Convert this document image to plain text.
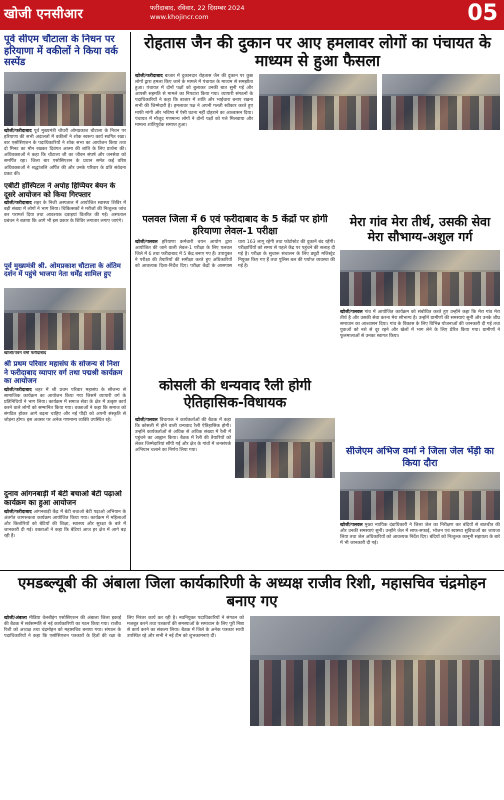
खोजी एनसीआर	फरीदाबाद, रविवार, 22 दिसम्बर 2024
www.khojincr.com	05
पूर्व सीएम चौटाला के निधन पर हरियाणा में वकीलों ने किया वर्क सस्पेंड
खोजी/फरीदाबाद पूर्व मुख्यमंत्री चौधरी ओमप्रकाश चौटाला के निधन पर हरियाणा की सभी अदालतों में वकीलों ने शोक स्वरूप कार्य स्थगित रखा। बार एसोसिएशन के पदाधिकारियों ने शोक सभा का आयोजन किया तथा दो मिनट का मौन रखकर दिवंगत आत्मा की शांति के लिए प्रार्थना की। अधिवक्ताओं ने कहा कि चौटाला जी का जीवन संघर्ष और जनसेवा को समर्पित रहा। जिला बार एसोसिएशन के प्रधान समेत कई वरिष्ठ अधिवक्ताओं ने श्रद्धांजलि अर्पित की और उनके परिवार के प्रति संवेदना प्रकट की।
एबीटी हॉस्पिटल ने अपोह हिप्पियर बेयन के दूसरे आयोजन को किया गिरफ्तार
खोजी/फरीदाबाद शहर के निजी अस्पताल में आयोजित स्वास्थ्य शिविर में बड़ी संख्या में लोगों ने भाग लिया। चिकित्सकों ने मरीजों की निःशुल्क जांच कर परामर्श दिया तथा आवश्यक दवाइयां वितरित की गईं। अस्पताल प्रबंधन ने बताया कि आगे भी इस प्रकार के शिविर लगातार लगाए जाएंगे।
पूर्व मुख्यमंत्री श्री. ओमप्रकाश चौटाला के अंतिम दर्शन में पहुंचे भाजपा नेता धर्मेंद्र शामिल हुए
खोजी/पवन वर्मा फरीदाबाद
श्री प्रथम परिवार महासंघ के सोजन्य से निशा ने फरीदाबाद व्यापार वर्ग तथा पद्मश्री कार्यक्रम का आयोजन
खोजी/फरीदाबाद शहर में श्री प्रथम परिवार महासंघ के सौजन्य से सामाजिक कार्यक्रम का आयोजन किया गया जिसमें व्यापारी वर्ग के प्रतिनिधियों ने भाग लिया। कार्यक्रम में समाज सेवा के क्षेत्र में उत्कृष्ट कार्य करने वाले लोगों को सम्मानित किया गया। वक्ताओं ने कहा कि समाज को संगठित होकर आगे बढ़ना चाहिए और नई पीढ़ी को अपनी संस्कृति से जोड़ना होगा। इस अवसर पर अनेक गणमान्य व्यक्ति उपस्थित रहे।
दुनाव आंगनबाड़ी में बेटी बचाओ बेटी पढ़ाओ कार्यक्रम का हुआ आयोजन
खोजी/फरीदाबाद आंगनबाड़ी केंद्र में बेटी बचाओ बेटी पढ़ाओ अभियान के अंतर्गत जागरूकता कार्यक्रम आयोजित किया गया। कार्यक्रम में महिलाओं और किशोरियों को बेटियों की शिक्षा, स्वास्थ्य और सुरक्षा के बारे में जानकारी दी गई। वक्ताओं ने कहा कि बेटियां आज हर क्षेत्र में आगे बढ़ रही हैं।
रोहतास जैन की दुकान पर आए हमलावर लोगों का पंचायत के माध्यम से हुआ फैसला
खोजी/फरीदाबाद बाजार में दुकानदार रोहतास जैन की दुकान पर कुछ लोगों द्वारा हमला किए जाने के मामले में पंचायत के माध्यम से समझौता हुआ। पंचायत में दोनों पक्षों को बुलाकर उनकी बात सुनी गई और आपसी सहमति से मामले का निपटारा किया गया। व्यापारी संगठनों के पदाधिकारियों ने कहा कि बाजार में शांति और भाईचारा बनाए रखना सभी की जिम्मेदारी है। हमलावर पक्ष ने अपनी गलती स्वीकार करते हुए माफी मांगी और भविष्य में ऐसी घटना नहीं दोहराने का आश्वासन दिया। पंचायत में मौजूद गणमान्य लोगों ने दोनों पक्षों को गले मिलवाया और मामला शांतिपूर्वक समाप्त हुआ।
पलवल जिला में 6 एवं फरीदाबाद के 5 केंद्रों पर होगी हरियाणा लेवल-1 परीक्षा
खोजी/पलवल हरियाणा कर्मचारी चयन आयोग द्वारा आयोजित की जाने वाली लेवल-1 परीक्षा के लिए पलवल जिले में 6 तथा फरीदाबाद में 5 केंद्र बनाए गए हैं। उपायुक्त ने परीक्षा की तैयारियों की समीक्षा करते हुए अधिकारियों को आवश्यक दिशा-निर्देश दिए। परीक्षा केंद्रों के आसपास धारा 163 लागू रहेगी तथा फोटोस्टेट की दुकानें बंद रहेंगी। परीक्षार्थियों को समय से पहले केंद्र पर पहुंचने की सलाह दी गई है। परीक्षा के सुचारू संचालन के लिए ड्यूटी मजिस्ट्रेट नियुक्त किए गए हैं तथा पुलिस बल की पर्याप्त व्यवस्था की गई है।
मेरा गांव मेरा तीर्थ, उसकी सेवा मेरा सौभाग्य-अशुल गर्ग
खोजी/पलवल गांव में आयोजित कार्यक्रम को संबोधित करते हुए उन्होंने कहा कि मेरा गांव मेरा तीर्थ है और उसकी सेवा करना मेरा सौभाग्य है। उन्होंने ग्रामीणों की समस्याएं सुनीं और उनके शीघ्र समाधान का आश्वासन दिया। गांव के विकास के लिए विभिन्न योजनाओं की जानकारी दी गई तथा युवाओं को नशे से दूर रहने और खेलों में भाग लेने के लिए प्रेरित किया गया। ग्रामीणों ने फूलमालाओं से उनका स्वागत किया।
कोसली की धन्यवाद रैली होगी ऐतिहासिक-विधायक
खोजी/पलवल विधायक ने कार्यकर्ताओं की बैठक में कहा कि कोसली में होने वाली धन्यवाद रैली ऐतिहासिक होगी। उन्होंने कार्यकर्ताओं से अधिक से अधिक संख्या में रैली में पहुंचने का आह्वान किया। बैठक में रैली की तैयारियों को लेकर जिम्मेदारियां सौंपी गईं और क्षेत्र के गांवों में जनसंपर्क अभियान चलाने का निर्णय लिया गया।	सीजेएम अभिज वर्मा ने जिला जेल भेंड़ी का किया दौरा
खोजी/पलवल मुख्य न्यायिक दंडाधिकारी ने जिला जेल का निरीक्षण कर बंदियों से बातचीत की और उनकी समस्याएं सुनीं। उन्होंने जेल में साफ-सफाई, भोजन एवं स्वास्थ्य सुविधाओं का जायजा लिया तथा जेल अधिकारियों को आवश्यक निर्देश दिए। बंदियों को निःशुल्क कानूनी सहायता के बारे में भी जानकारी दी गई।
एमडब्ल्यूबी की अंबाला जिला कार्यकारिणी के अध्यक्ष राजीव रिशी, महासचिव चंद्रमोहन बनाए गए
खोजी/अंबाला मीडिया वेलबीइंग एसोसिएशन की अंबाला जिला इकाई की बैठक में सर्वसम्मति से नई कार्यकारिणी का गठन किया गया। राजीव रिशी को अध्यक्ष तथा चंद्रमोहन को महासचिव बनाया गया। संगठन के पदाधिकारियों ने कहा कि एसोसिएशन पत्रकारों के हितों की रक्षा के लिए निरंतर कार्य कर रही है। नवनियुक्त पदाधिकारियों ने संगठन को मजबूत करने तथा पत्रकारों की समस्याओं के समाधान के लिए पूरी निष्ठा से कार्य करने का संकल्प लिया। बैठक में जिले के अनेक पत्रकार साथी उपस्थित रहे और सभी ने नई टीम को शुभकामनाएं दीं।
